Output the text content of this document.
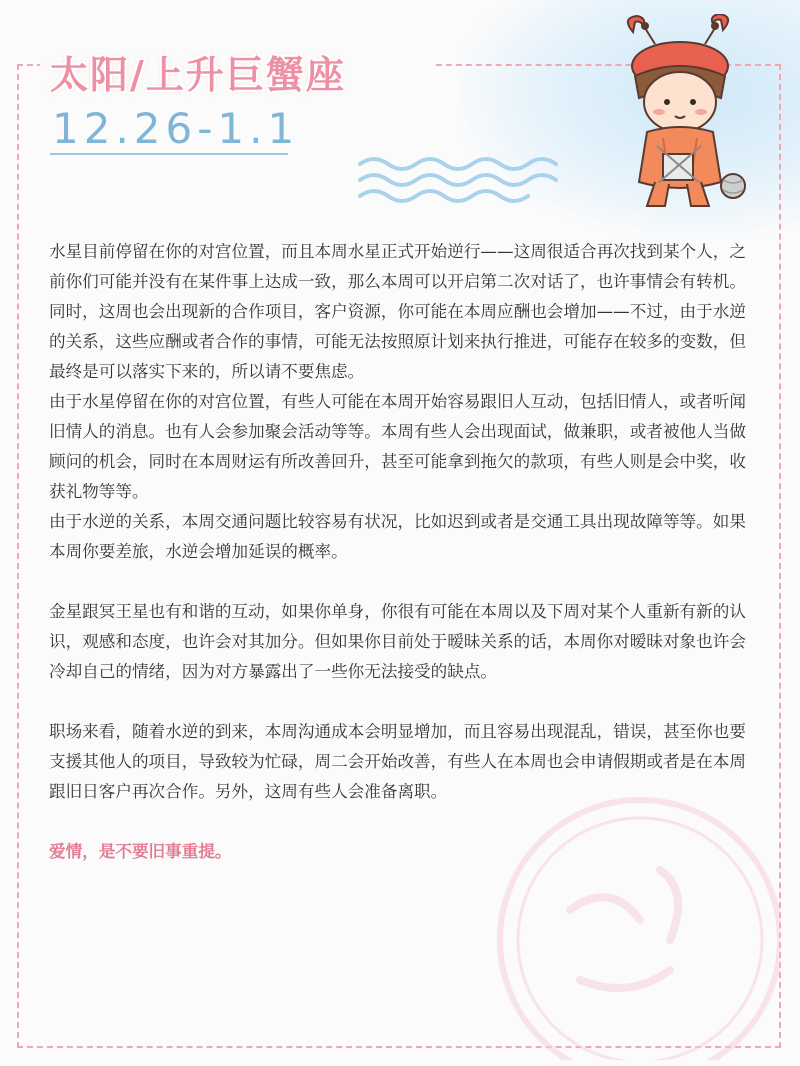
太阳/上升巨蟹座
12.26-1.1

水星目前停留在你的对宫位置，而且本周水星正式开始逆行——这周很适合再次找到某个人，之前你们可能并没有在某件事上达成一致，那么本周可以开启第二次对话了，也许事情会有转机。

同时，这周也会出现新的合作项目，客户资源，你可能在本周应酬也会增加——不过，由于水逆的关系，这些应酬或者合作的事情，可能无法按照原计划来执行推进，可能存在较多的变数，但最终是可以落实下来的，所以请不要焦虑。

由于水星停留在你的对宫位置，有些人可能在本周开始容易跟旧人互动，包括旧情人，或者听闻旧情人的消息。也有人会参加聚会活动等等。本周有些人会出现面试，做兼职，或者被他人当做顾问的机会，同时在本周财运有所改善回升，甚至可能拿到拖欠的款项，有些人则是会中奖，收获礼物等等。

由于水逆的关系，本周交通问题比较容易有状况，比如迟到或者是交通工具出现故障等等。如果本周你要差旅，水逆会增加延误的概率。

金星跟冥王星也有和谐的互动，如果你单身，你很有可能在本周以及下周对某个人重新有新的认识，观感和态度，也许会对其加分。但如果你目前处于暧昧关系的话，本周你对暧昧对象也许会冷却自己的情绪，因为对方暴露出了一些你无法接受的缺点。

职场来看，随着水逆的到来，本周沟通成本会明显增加，而且容易出现混乱，错误，甚至你也要支援其他人的项目，导致较为忙碌，周二会开始改善，有些人在本周也会申请假期或者是在本周跟旧日客户再次合作。另外，这周有些人会准备离职。

爱情，是不要旧事重提。
